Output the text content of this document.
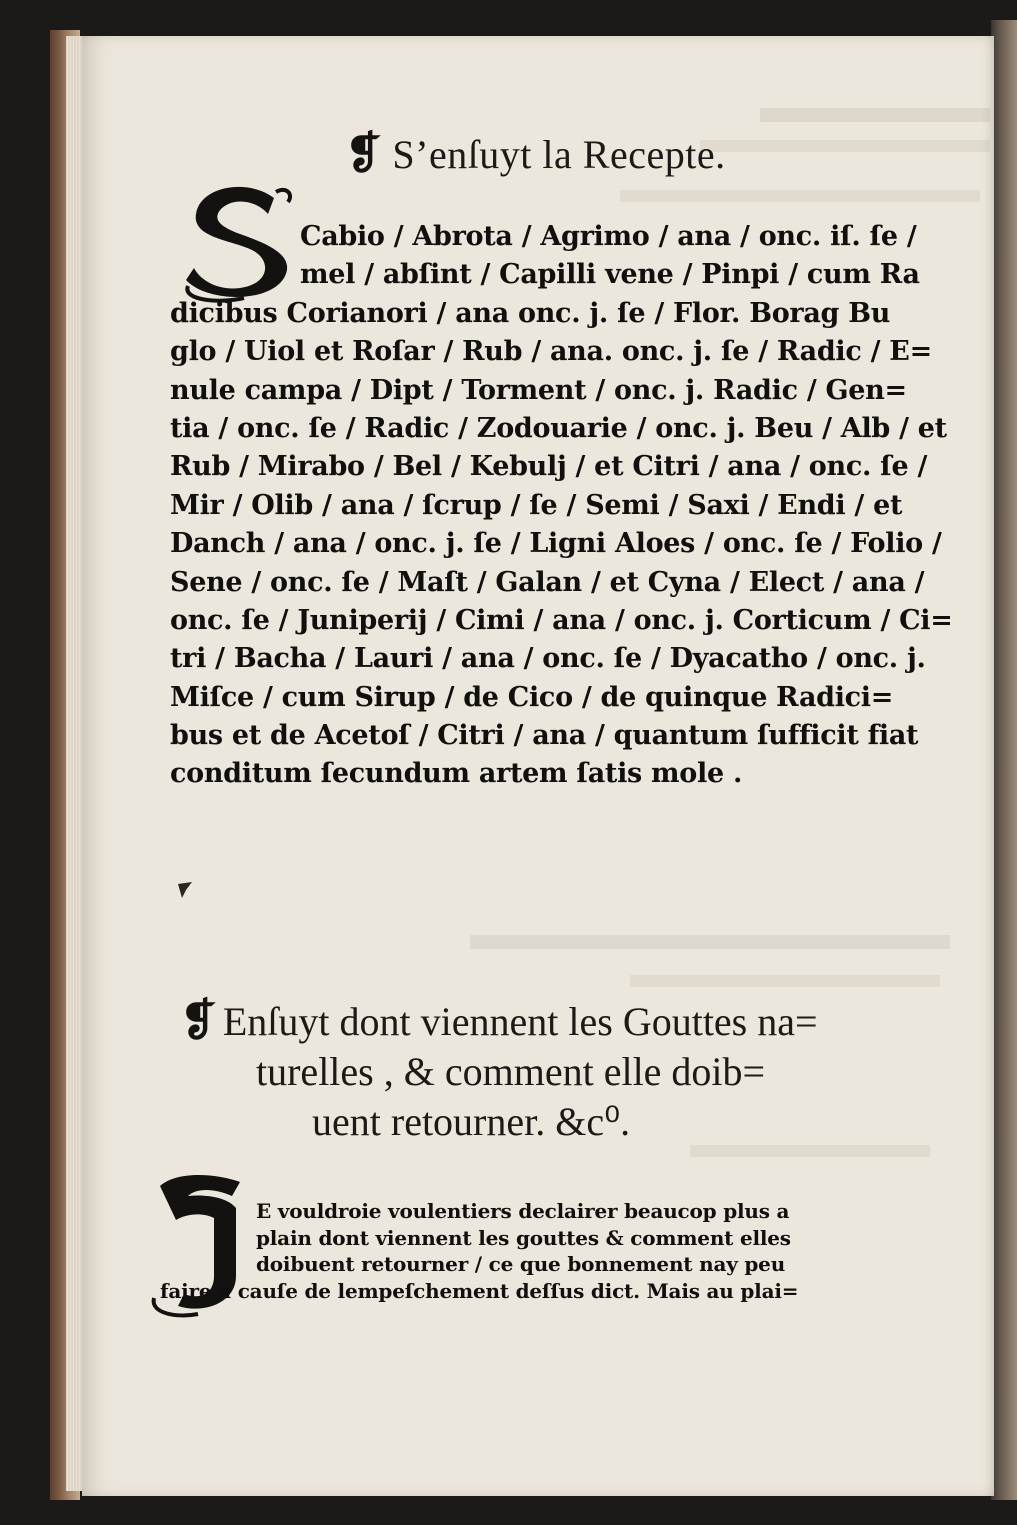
❡ S’enſuyt la Recepte.
Cabio / Abrota / Agrimo / ana / onc. iſ. ſe /
mel / abſint / Capilli vene / Pinpi / cum Ra
dicibus Corianori / ana onc. j. ſe / Flor. Borag Bu
glo / Uiol et Roſar / Rub / ana. onc. j. ſe / Radic / E=
nule campa / Dipt / Torment / onc. j. Radic / Gen=
tia / onc. ſe / Radic / Zodouarie / onc. j. Beu / Alb / et
Rub / Mirabo / Bel / Kebulj / et Citri / ana / onc. ſe /
Mir / Olib / ana / ſcrup / ſe / Semi / Saxi / Endi / et
Danch / ana / onc. j. ſe / Ligni Aloes / onc. ſe / Folio /
Sene / onc. ſe / Maſt / Galan / et Cyna / Elect / ana /
onc. ſe / Juniperij / Cimi / ana / onc. j. Corticum / Ci=
tri / Bacha / Lauri / ana / onc. ſe / Dyacatho / onc. j.
Miſce / cum Sirup / de Cico / de quinque Radici=
bus et de Acetoſ / Citri / ana / quantum ſufficit fiat
conditum ſecundum artem ſatis mole .
❡ Enſuyt dont viennent les Gouttes na=
turelles , & comment elle doib=
uent retourner. &c⁰.
E vouldroie voulentiers declairer beaucop plus a
plain dont viennent les gouttes & comment elles
doibuent retourner / ce que bonnement nay peu
faire a cauſe de lempeſchement deſſus dict. Mais au plai=
